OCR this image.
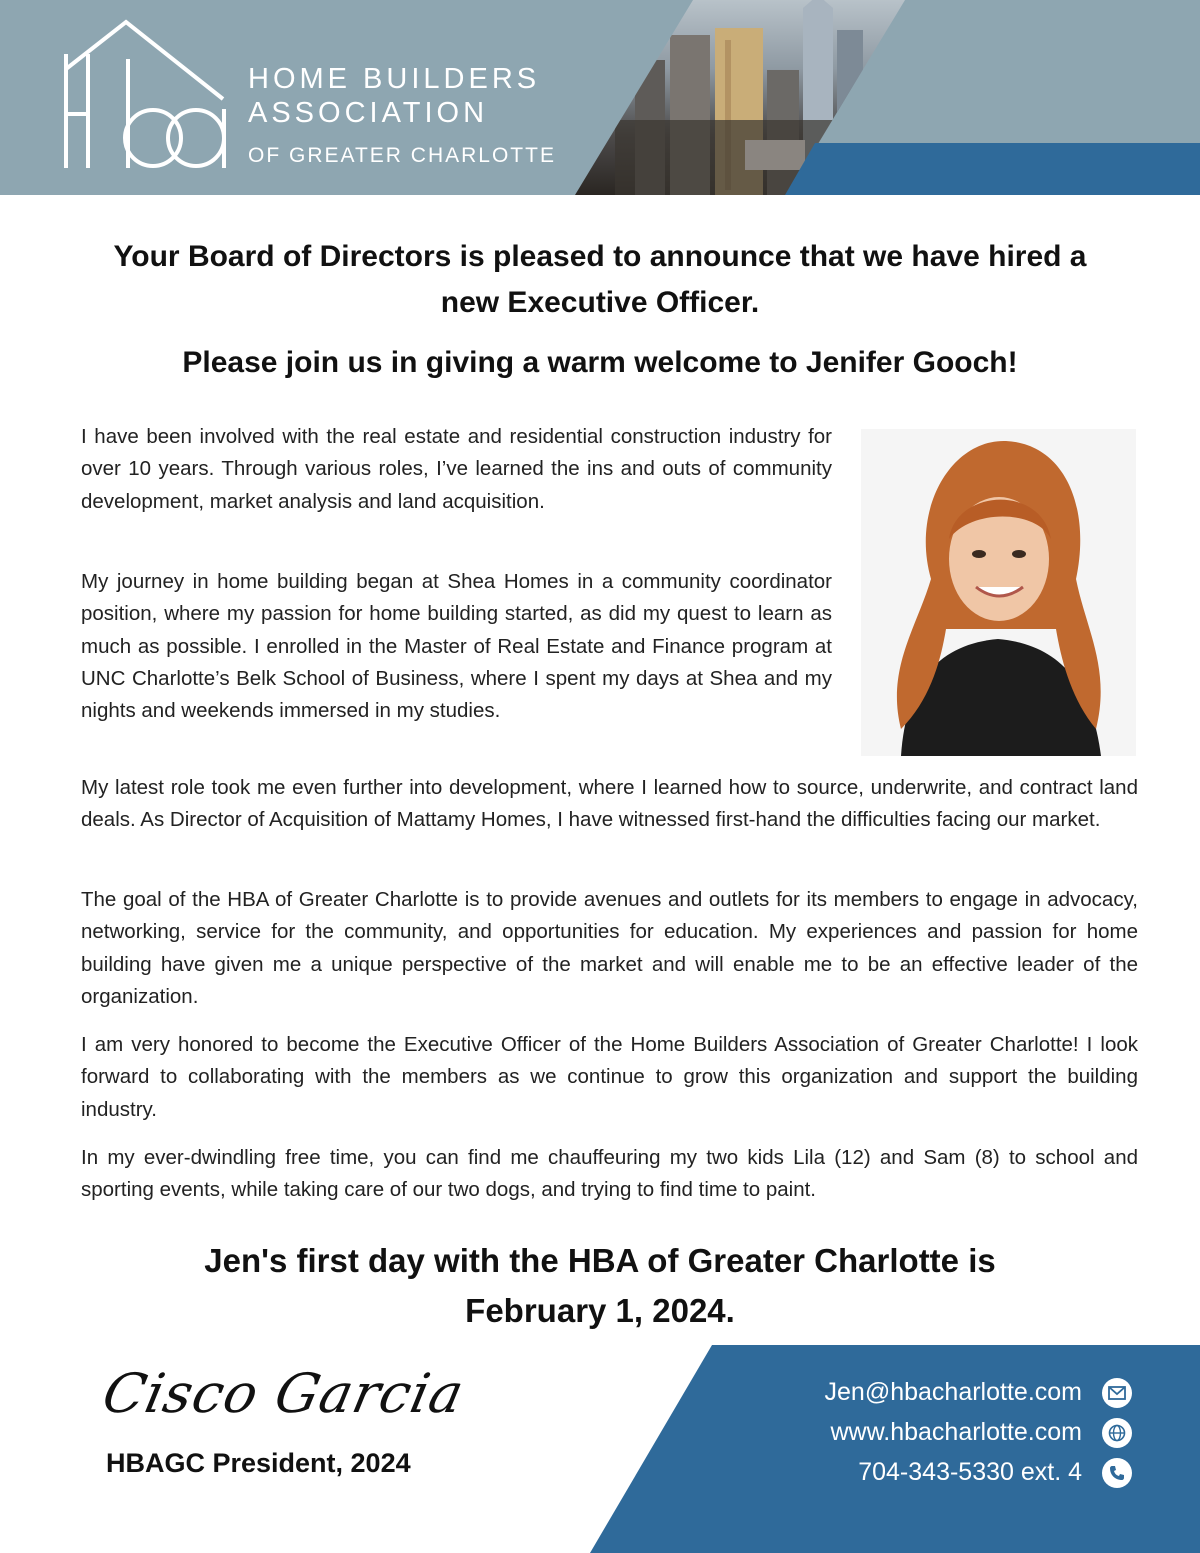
HOME BUILDERS
ASSOCIATION
OF GREATER CHARLOTTE
Your Board of Directors is pleased to announce that we have hired a new Executive Officer.
Please join us in giving a warm welcome to Jenifer Gooch!

I have been involved with the real estate and residential construction industry for over 10 years. Through various roles, I’ve learned the ins and outs of community development, market analysis and land acquisition.

My journey in home building began at Shea Homes in a community coordinator position, where my passion for home building started, as did my quest to learn as much as possible. I enrolled in the Master of Real Estate and Finance program at UNC Charlotte’s Belk School of Business, where I spent my days at Shea and my nights and weekends immersed in my studies.

My latest role took me even further into development, where I learned how to source, underwrite, and contract land deals. As Director of Acquisition of Mattamy Homes, I have witnessed first-hand the difficulties facing our market.

The goal of the HBA of Greater Charlotte is to provide avenues and outlets for its members to engage in advocacy, networking, service for the community, and opportunities for education. My experiences and passion for home building have given me a unique perspective of the market and will enable me to be an effective leader of the organization.

I am very honored to become the Executive Officer of the Home Builders Association of Greater Charlotte! I look forward to collaborating with the members as we continue to grow this organization and support the building industry.

In my ever-dwindling free time, you can find me chauffeuring my two kids Lila (12) and Sam (8) to school and sporting events, while taking care of our two dogs, and trying to find time to paint.

Jen's first day with the HBA of Greater Charlotte is
February 1, 2024.
Cisco Garcia
HBAGC President, 2024
Jen@hbacharlotte.com
www.hbacharlotte.com
704-343-5330 ext. 4
